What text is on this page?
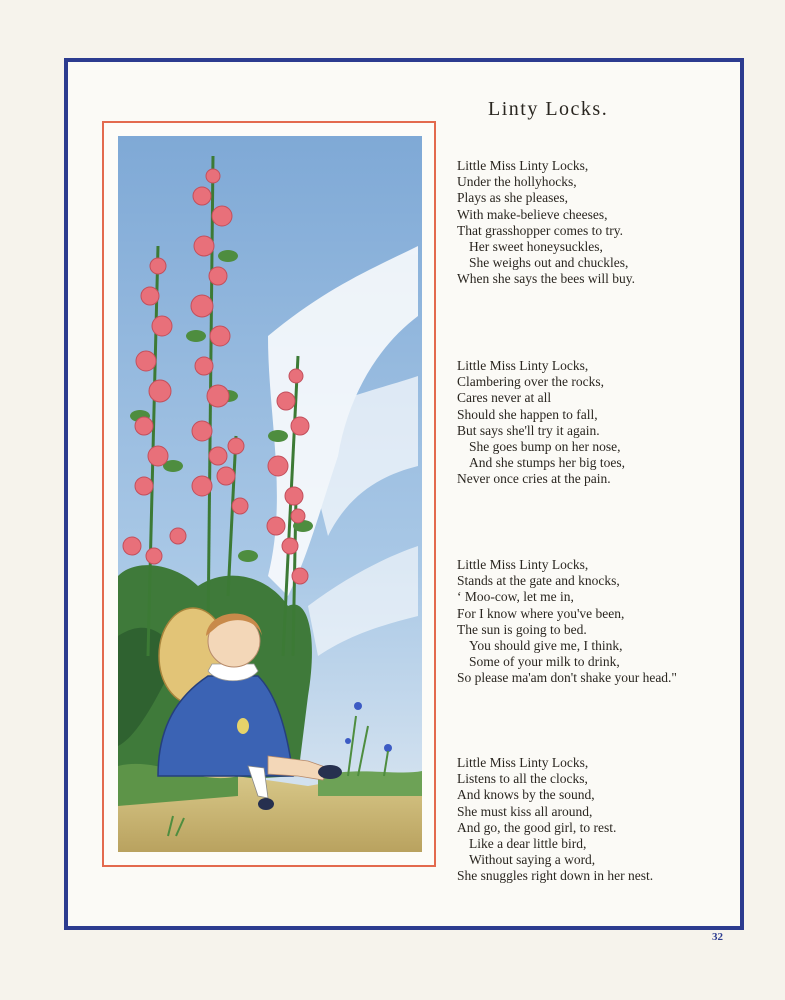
Linty Locks.
Little Miss Linty Locks,
Under the hollyhocks,
Plays as she pleases,
With make-believe cheeses,
That grasshopper comes to try.
Her sweet honeysuckles,
She weighs out and chuckles,
When she says the bees will buy.
Little Miss Linty Locks,
Clambering over the rocks,
Cares never at all
Should she happen to fall,
But says she'll try it again.
She goes bump on her nose,
And she stumps her big toes,
Never once cries at the pain.
Little Miss Linty Locks,
Stands at the gate and knocks,
‘ Moo-cow, let me in,
For I know where you've been,
The sun is going to bed.
You should give me, I think,
Some of your milk to drink,
So please ma'am don't shake your head."
Little Miss Linty Locks,
Listens to all the clocks,
And knows by the sound,
She must kiss all around,
And go, the good girl, to rest.
Like a dear little bird,
Without saying a word,
She snuggles right down in her nest.
32
